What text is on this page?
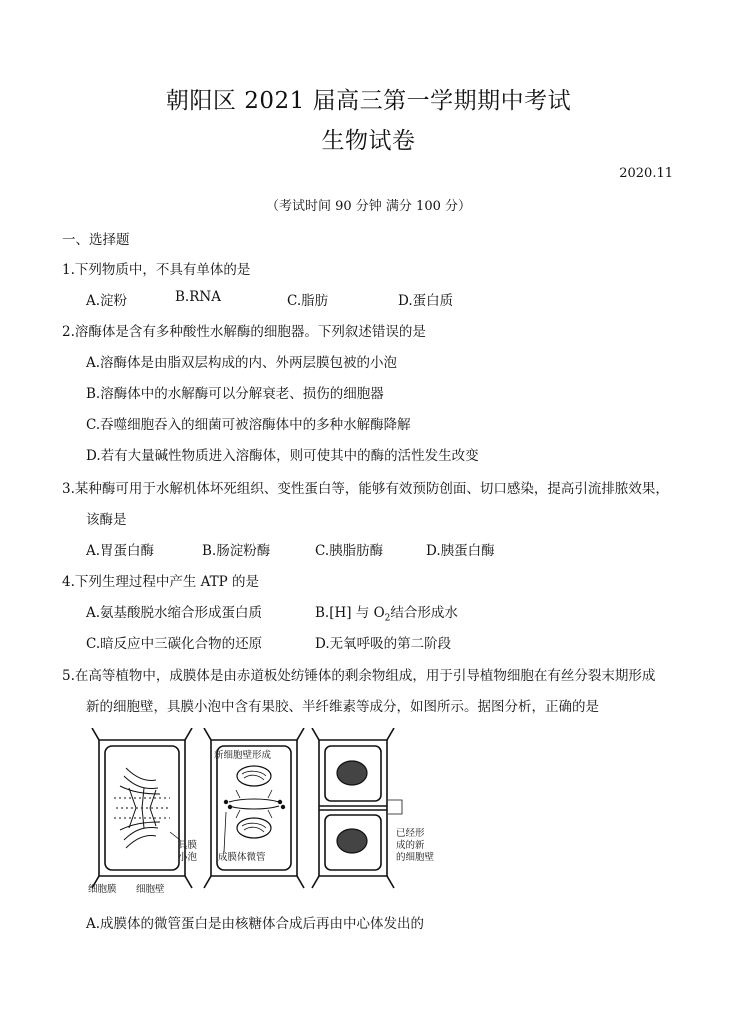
朝阳区 2021 届高三第一学期期中考试
生物试卷
2020.11
（考试时间 90 分钟 满分 100 分）
一、选择题
1.下列物质中，不具有单体的是
A.淀粉	B.RNA	C.脂肪	D.蛋白质
2.溶酶体是含有多种酸性水解酶的细胞器。下列叙述错误的是
A.溶酶体是由脂双层构成的内、外两层膜包被的小泡
B.溶酶体中的水解酶可以分解衰老、损伤的细胞器
C.吞噬细胞吞入的细菌可被溶酶体中的多种水解酶降解
D.若有大量碱性物质进入溶酶体，则可使其中的酶的活性发生改变
3.某种酶可用于水解机体坏死组织、变性蛋白等，能够有效预防创面、切口感染，提高引流排脓效果，
该酶是
A.胃蛋白酶	B.肠淀粉酶	C.胰脂肪酶	D.胰蛋白酶
4.下列生理过程中产生 ATP 的是
A.氨基酸脱水缩合形成蛋白质	B.[H] 与 $O_2$结合形成水
C.暗反应中三碳化合物的还原	D.无氧呼吸的第二阶段
5.在高等植物中，成膜体是由赤道板处纺锤体的剩余物组成，用于引导植物细胞在有丝分裂末期形成
新的细胞壁，具膜小泡中含有果胶、半纤维素等成分，如图所示。据图分析，正确的是
新细胞壁形成
具膜
小泡 成膜体微管
已经形
成的新
的细胞壁
细胞膜 细胞壁
A.成膜体的微管蛋白是由核糖体合成后再由中心体发出的
